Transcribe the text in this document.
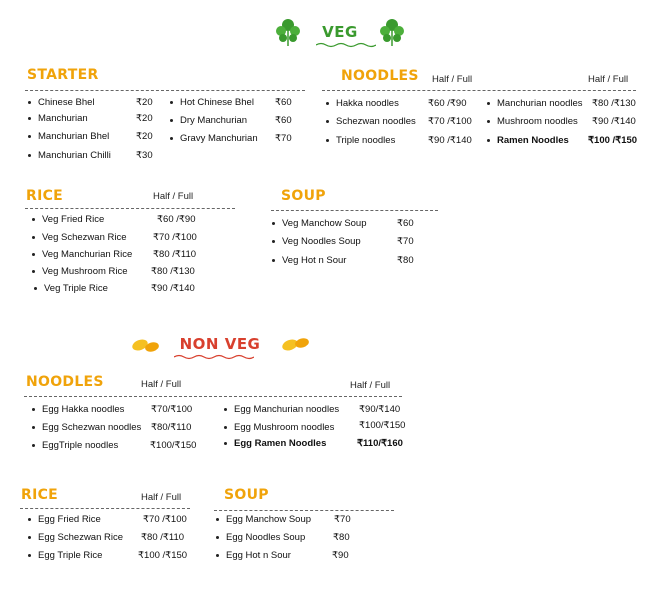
VEG
STARTER
Chinese Bhel	₹20
Manchurian	₹20
Manchurian Bhel	₹20
Manchurian Chilli	₹30
Hot Chinese Bhel ₹60
Dry Manchurian	₹60
Gravy Manchurian ₹70
NOODLES Half / Full	Half / Full
Hakka noodles	₹60 /₹90
Schezwan noodles ₹70 /₹100
Triple noodles	₹90 /₹140
Manchurian noodles ₹80 /₹130
Mushroom noodles ₹90 /₹140
Ramen Noodles ₹100 /₹150
RICE	Half / Full
Veg Fried Rice	₹60 /₹90
Veg Schezwan Rice	₹70 /₹100
Veg Manchurian Rice ₹80 /₹110
Veg Mushroom Rice ₹80 /₹130
Veg Triple Rice	₹90 /₹140
SOUP
Veg Manchow Soup	₹60
Veg Noodles Soup	₹70
Veg Hot n Sour	₹80
NON VEG
NOODLES	Half / Full	Half / Full
Egg Hakka noodles	₹70/₹100
Egg Schezwan noodles ₹80/₹110
EggTriple noodles	₹100/₹150
Egg Manchurian noodles ₹90/₹140
Egg Mushroom noodles	₹100/₹150
Egg Ramen Noodles	₹110/₹160
RICE	Half / Full
Egg Fried Rice	₹70 /₹100
Egg Schezwan Rice ₹80 /₹110
Egg Triple Rice	₹100 /₹150
SOUP
Egg Manchow Soup ₹70
Egg Noodles Soup	₹80
Egg Hot n Sour	₹90
